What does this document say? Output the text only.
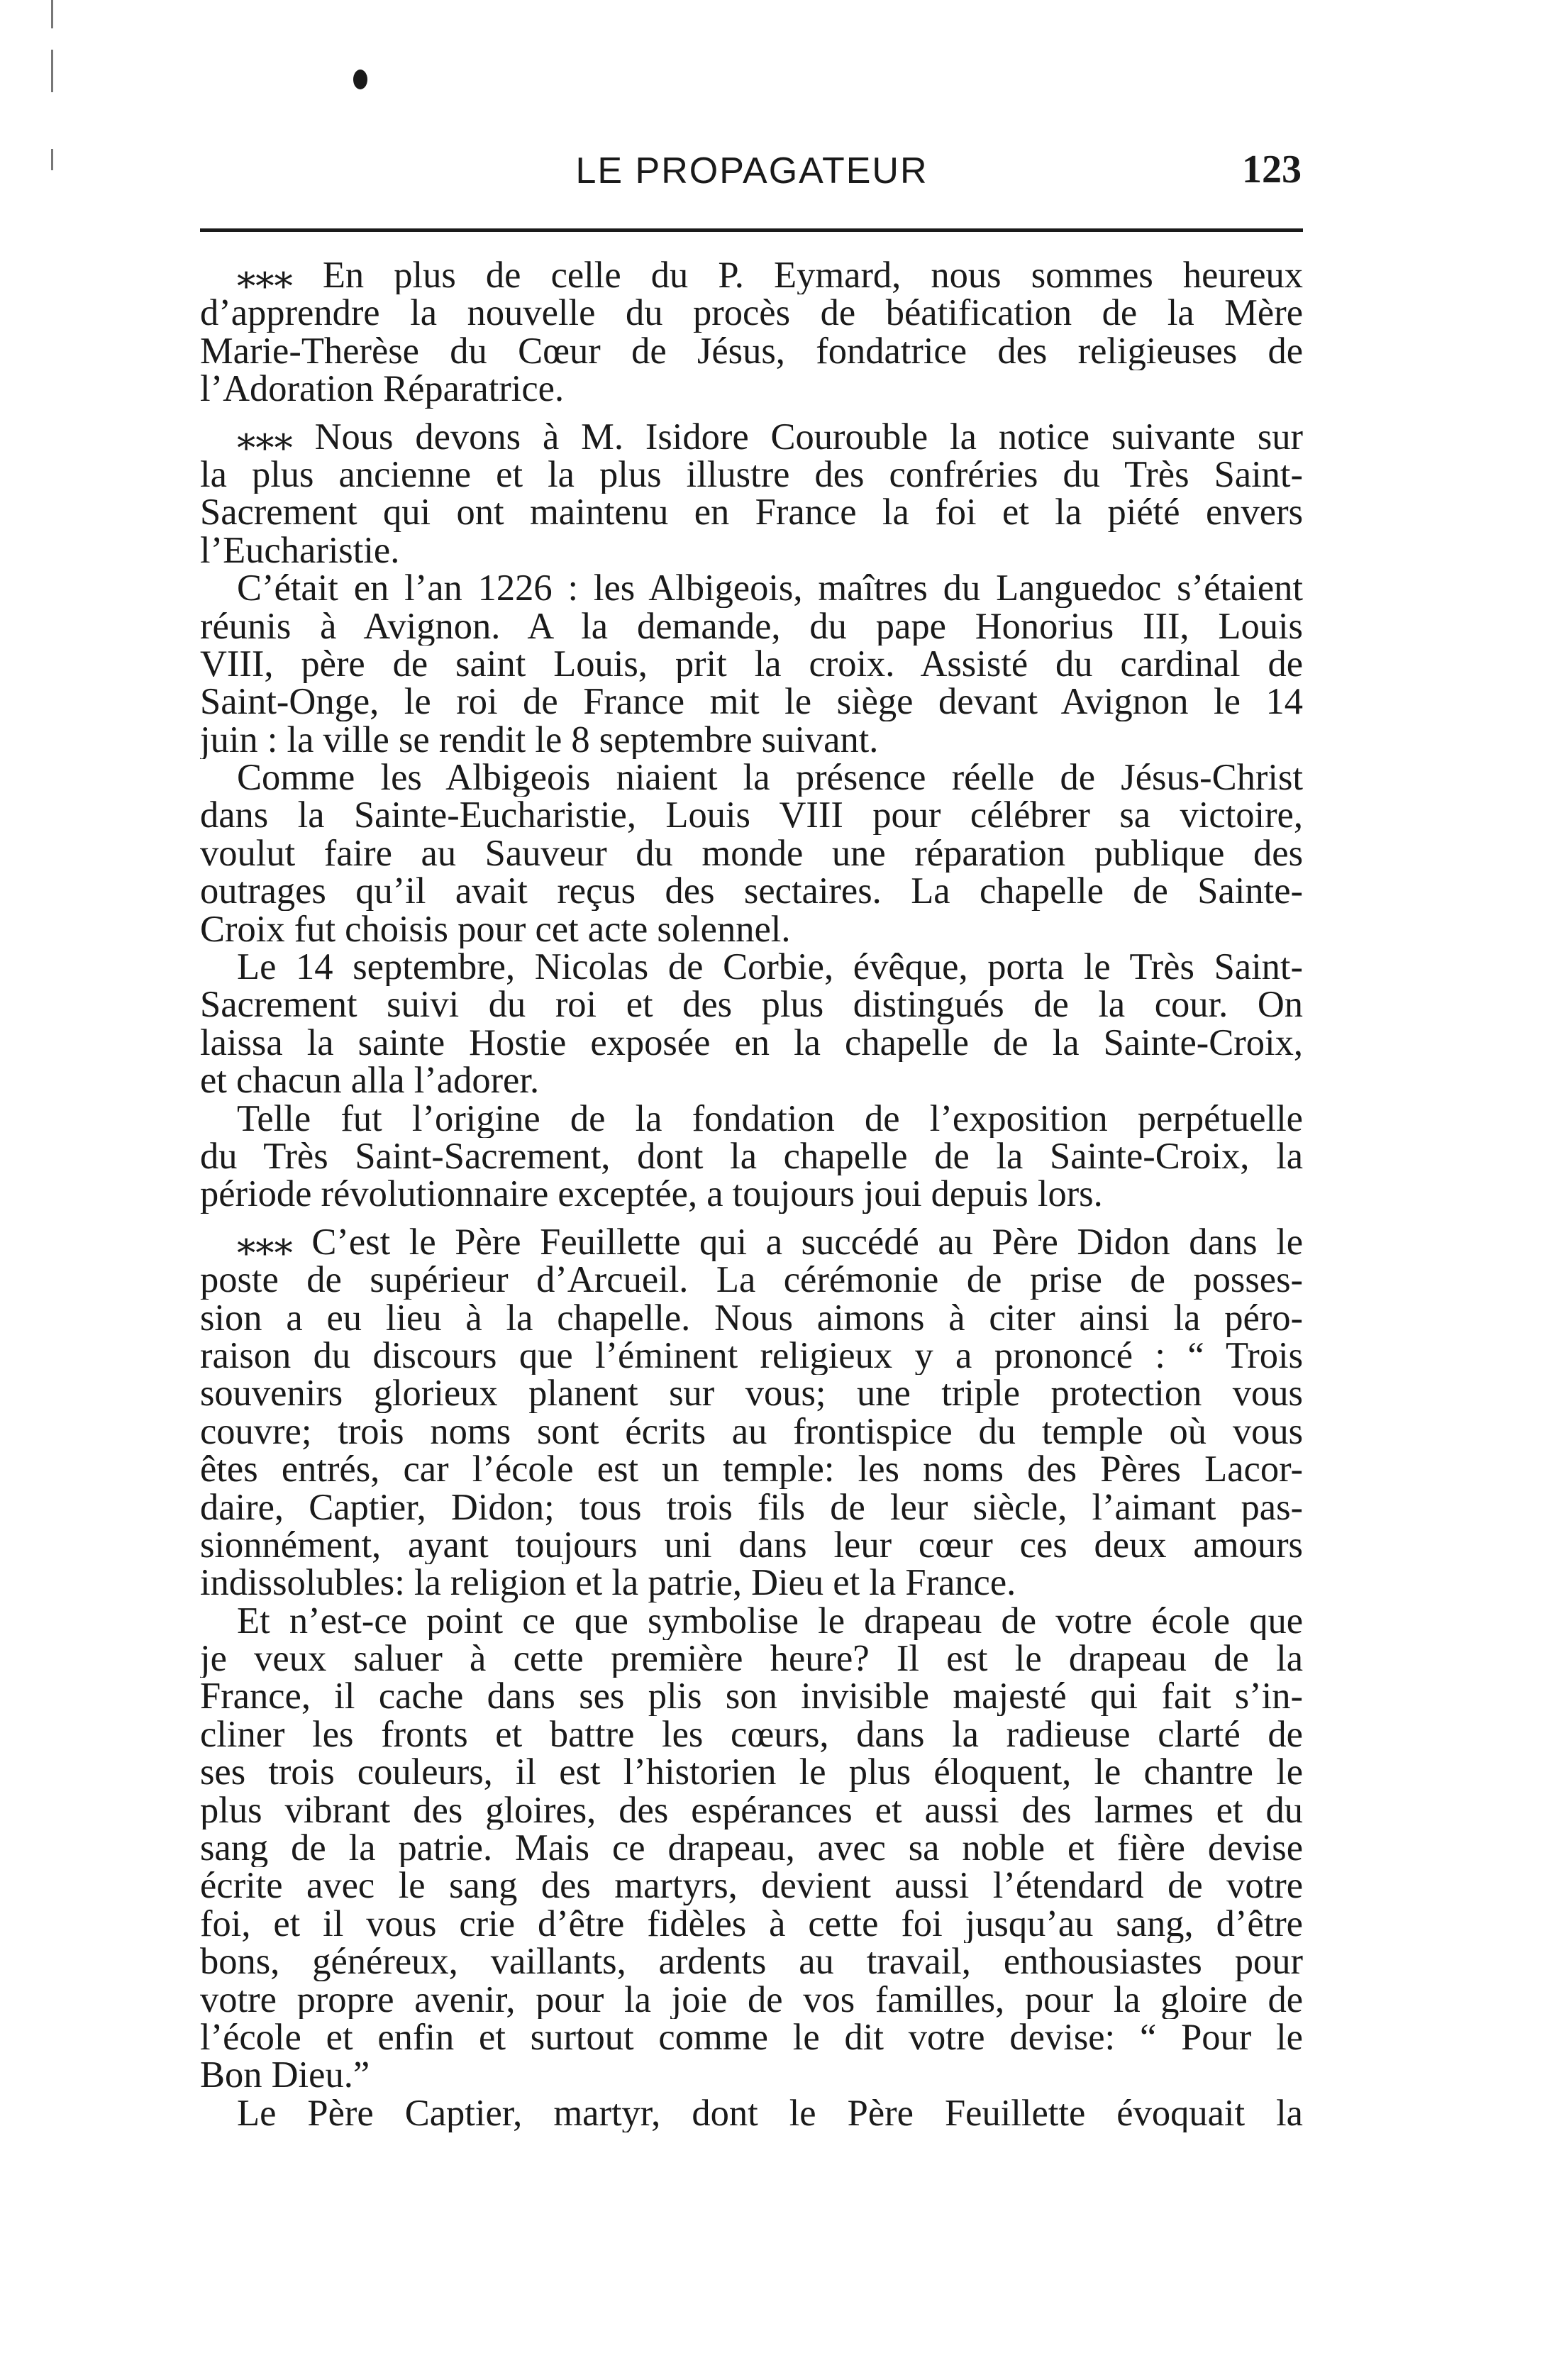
LE PROPAGATEUR	123
⁎⁎⁎ En plus de celle du P. Eymard, nous sommes heureux
d’apprendre la nouvelle du procès de béatification de la Mère
Marie-Therèse du Cœur de Jésus, fondatrice des religieuses de
l’Adoration Réparatrice.
⁎⁎⁎ Nous devons à M. Isidore Courouble la notice suivante sur
la plus ancienne et la plus illustre des confréries du Très Saint-
Sacrement qui ont maintenu en France la foi et la piété envers
l’Eucharistie.
C’était en l’an 1226 : les Albigeois, maîtres du Languedoc s’étaient
réunis à Avignon. A la demande, du pape Honorius III, Louis
VIII, père de saint Louis, prit la croix. Assisté du cardinal de
Saint-Onge, le roi de France mit le siège devant Avignon le 14
juin : la ville se rendit le 8 septembre suivant.
Comme les Albigeois niaient la présence réelle de Jésus-Christ
dans la Sainte-Eucharistie, Louis VIII pour célébrer sa victoire,
voulut faire au Sauveur du monde une réparation publique des
outrages qu’il avait reçus des sectaires. La chapelle de Sainte-
Croix fut choisis pour cet acte solennel.
Le 14 septembre, Nicolas de Corbie, évêque, porta le Très Saint-
Sacrement suivi du roi et des plus distingués de la cour. On
laissa la sainte Hostie exposée en la chapelle de la Sainte-Croix,
et chacun alla l’adorer.
Telle fut l’origine de la fondation de l’exposition perpétuelle
du Très Saint-Sacrement, dont la chapelle de la Sainte-Croix, la
période révolutionnaire exceptée, a toujours joui depuis lors.
⁎⁎⁎ C’est le Père Feuillette qui a succédé au Père Didon dans le
poste de supérieur d’Arcueil. La cérémonie de prise de posses-
sion a eu lieu à la chapelle. Nous aimons à citer ainsi la péro-
raison du discours que l’éminent religieux y a prononcé : “ Trois
souvenirs glorieux planent sur vous; une triple protection vous
couvre; trois noms sont écrits au frontispice du temple où vous
êtes entrés, car l’école est un temple: les noms des Pères Lacor-
daire, Captier, Didon; tous trois fils de leur siècle, l’aimant pas-
sionnément, ayant toujours uni dans leur cœur ces deux amours
indissolubles: la religion et la patrie, Dieu et la France.
Et n’est-ce point ce que symbolise le drapeau de votre école que
je veux saluer à cette première heure? Il est le drapeau de la
France, il cache dans ses plis son invisible majesté qui fait s’in-
cliner les fronts et battre les cœurs, dans la radieuse clarté de
ses trois couleurs, il est l’historien le plus éloquent, le chantre le
plus vibrant des gloires, des espérances et aussi des larmes et du
sang de la patrie. Mais ce drapeau, avec sa noble et fière devise
écrite avec le sang des martyrs, devient aussi l’étendard de votre
foi, et il vous crie d’être fidèles à cette foi jusqu’au sang, d’être
bons, généreux, vaillants, ardents au travail, enthousiastes pour
votre propre avenir, pour la joie de vos familles, pour la gloire de
l’école et enfin et surtout comme le dit votre devise: “ Pour le
Bon Dieu.”
Le Père Captier, martyr, dont le Père Feuillette évoquait la
